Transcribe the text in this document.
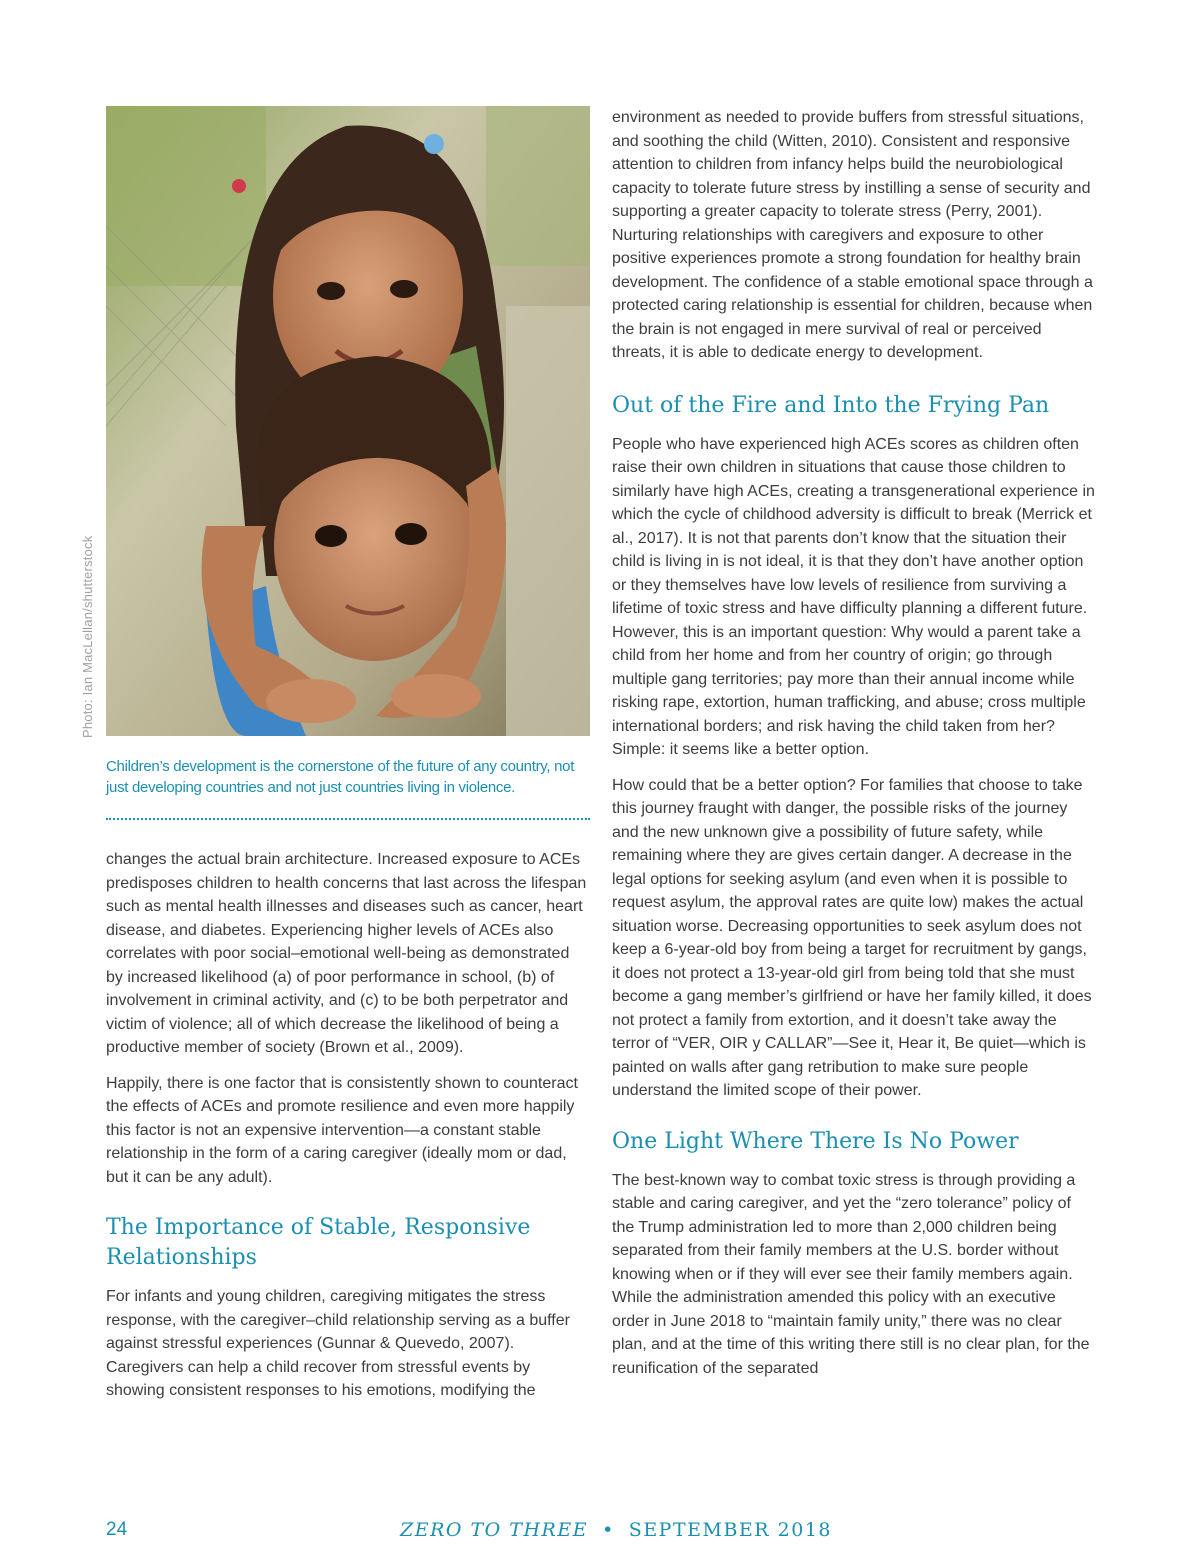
Children’s development is the cornerstone of the future of any country, not just developing countries and not just countries living in violence.

changes the actual brain architecture. Increased exposure to ACEs predisposes children to health concerns that last across the lifespan such as mental health illnesses and diseases such as cancer, heart disease, and diabetes. Experiencing higher levels of ACEs also correlates with poor social–emotional well-being as demonstrated by increased likelihood (a) of poor performance in school, (b) of involvement in criminal activity, and (c) to be both perpetrator and victim of violence; all of which decrease the likelihood of being a productive member of society (Brown et al., 2009).

Happily, there is one factor that is consistently shown to counteract the effects of ACEs and promote resilience and even more happily this factor is not an expensive intervention—a constant stable relationship in the form of a caring caregiver (ideally mom or dad, but it can be any adult).

The Importance of Stable, Responsive Relationships

For infants and young children, caregiving mitigates the stress response, with the caregiver–child relationship serving as a buffer against stressful experiences (Gunnar & Quevedo, 2007). Caregivers can help a child recover from stressful events by showing consistent responses to his emotions, modifying the

Photo: Ian MacLellan/shutterstock

environment as needed to provide buffers from stressful situations, and soothing the child (Witten, 2010). Consistent and responsive attention to children from infancy helps build the neurobiological capacity to tolerate future stress by instilling a sense of security and supporting a greater capacity to tolerate stress (Perry, 2001). Nurturing relationships with caregivers and exposure to other positive experiences promote a strong foundation for healthy brain development. The confidence of a stable emotional space through a protected caring relationship is essential for children, because when the brain is not engaged in mere survival of real or perceived threats, it is able to dedicate energy to development.

Out of the Fire and Into the Frying Pan

People who have experienced high ACEs scores as children often raise their own children in situations that cause those children to similarly have high ACEs, creating a transgenerational experience in which the cycle of childhood adversity is difficult to break (Merrick et al., 2017). It is not that parents don’t know that the situation their child is living in is not ideal, it is that they don’t have another option or they themselves have low levels of resilience from surviving a lifetime of toxic stress and have difficulty planning a different future. However, this is an important question: Why would a parent take a child from her home and from her country of origin; go through multiple gang territories; pay more than their annual income while risking rape, extortion, human trafficking, and abuse; cross multiple international borders; and risk having the child taken from her? Simple: it seems like a better option.

How could that be a better option? For families that choose to take this journey fraught with danger, the possible risks of the journey and the new unknown give a possibility of future safety, while remaining where they are gives certain danger. A decrease in the legal options for seeking asylum (and even when it is possible to request asylum, the approval rates are quite low) makes the actual situation worse. Decreasing opportunities to seek asylum does not keep a 6-year-old boy from being a target for recruitment by gangs, it does not protect a 13-year-old girl from being told that she must become a gang member’s girlfriend or have her family killed, it does not protect a family from extortion, and it doesn’t take away the terror of “VER, OIR y CALLAR”—See it, Hear it, Be quiet—which is painted on walls after gang retribution to make sure people understand the limited scope of their power.

One Light Where There Is No Power

The best-known way to combat toxic stress is through providing a stable and caring caregiver, and yet the “zero tolerance” policy of the Trump administration led to more than 2,000 children being separated from their family members at the U.S. border without knowing when or if they will ever see their family members again. While the administration amended this policy with an executive order in June 2018 to “maintain family unity,” there was no clear plan, and at the time of this writing there still is no clear plan, for the reunification of the separated

24	ZERO TO THREE • SEPTEMBER 2018
